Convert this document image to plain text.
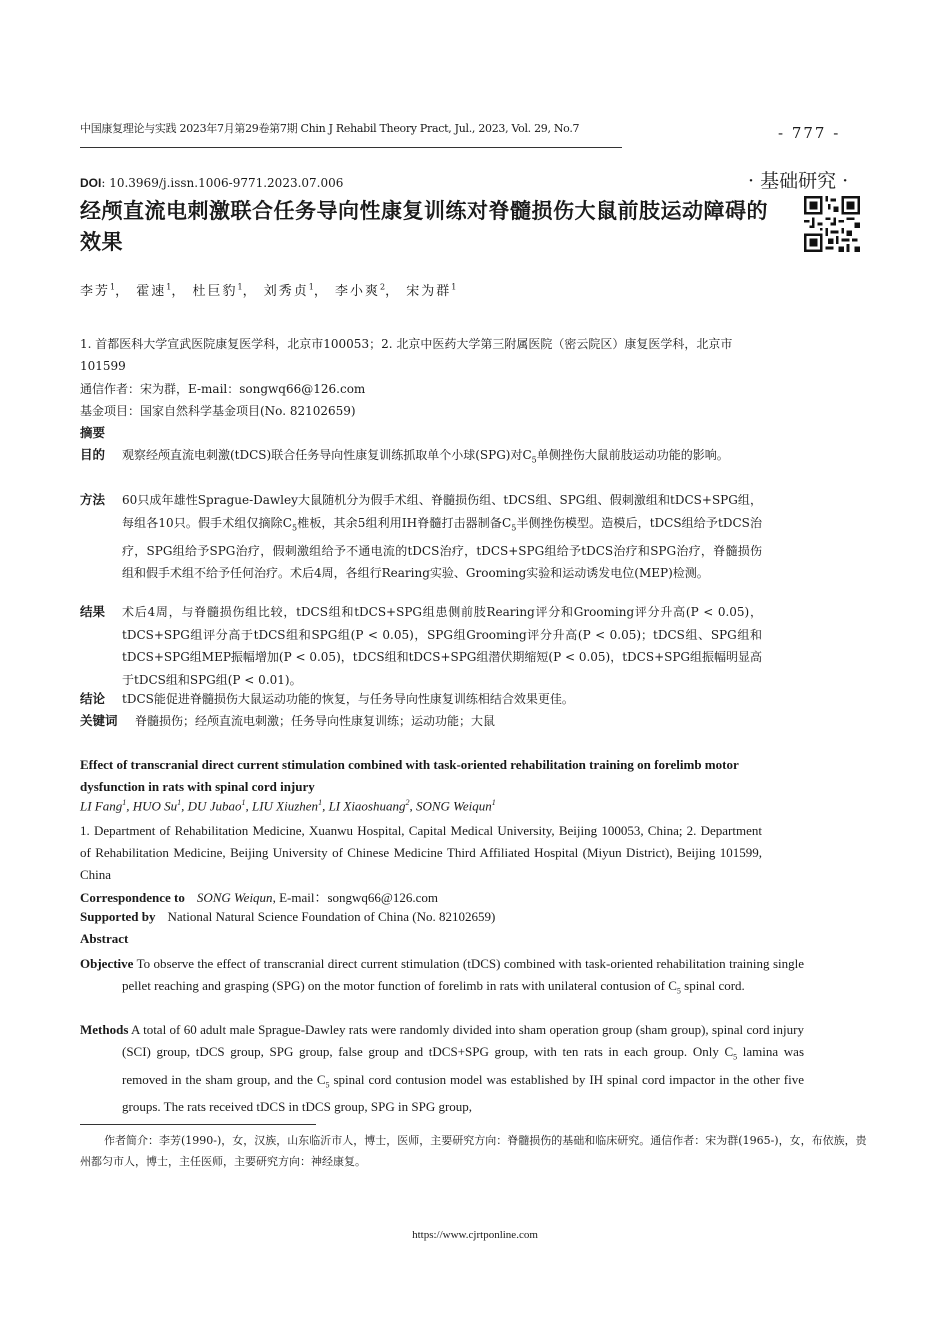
中国康复理论与实践 2023年7月第29卷第7期 Chin J Rehabil Theory Pract, Jul., 2023, Vol. 29, No.7	- 777 -
DOI: 10.3969/j.issn.1006-9771.2023.07.006	· 基础研究 ·
经颅直流电刺激联合任务导向性康复训练对脊髓损伤大鼠前肢运动障碍的效果
李芳$^1$， 霍速$^1$， 杜巨豹$^1$， 刘秀贞$^1$， 李小爽$^2$， 宋为群$^1$
1. 首都医科大学宣武医院康复医学科，北京市100053；2. 北京中医药大学第三附属医院（密云院区）康复医学科，北京市101599
通信作者：宋为群，E-mail：songwq66@126.com
基金项目：国家自然科学基金项目(No. 82102659)
摘要
目的 观察经颅直流电刺激(tDCS)联合任务导向性康复训练抓取单个小球(SPG)对$C_5$单侧挫伤大鼠前肢运动功能的影响。
方法 60只成年雄性Sprague-Dawley大鼠随机分为假手术组、脊髓损伤组、tDCS组、SPG组、假刺激组和tDCS+SPG组，每组各10只。假手术组仅摘除$C_5$椎板，其余5组利用IH脊髓打击器制备$C_5$半侧挫伤模型。造模后，tDCS组给予tDCS治疗，SPG组给予SPG治疗，假刺激组给予不通电流的tDCS治疗，tDCS+SPG组给予tDCS治疗和SPG治疗，脊髓损伤组和假手术组不给予任何治疗。术后4周，各组行Rearing实验、Grooming实验和运动诱发电位(MEP)检测。
结果 术后4周，与脊髓损伤组比较，tDCS组和tDCS+SPG组患侧前肢Rearing评分和Grooming评分升高(P < 0.05)，tDCS+SPG组评分高于tDCS组和SPG组(P < 0.05)，SPG组Grooming评分升高(P < 0.05)；tDCS组、SPG组和tDCS+SPG组MEP振幅增加(P < 0.05)，tDCS组和tDCS+SPG组潜伏期缩短(P < 0.05)，tDCS+SPG组振幅明显高于tDCS组和SPG组(P < 0.01)。
结论 tDCS能促进脊髓损伤大鼠运动功能的恢复，与任务导向性康复训练相结合效果更佳。
关键词 脊髓损伤；经颅直流电刺激；任务导向性康复训练；运动功能；大鼠
Effect of transcranial direct current stimulation combined with task-oriented rehabilitation training on forelimb motor dysfunction in rats with spinal cord injury
LI Fang$^1$, HUO Su$^1$, DU Jubao$^1$, LIU Xiuzhen$^1$, LI Xiaoshuang$^2$, SONG Weiqun$^1$
1. Department of Rehabilitation Medicine, Xuanwu Hospital, Capital Medical University, Beijing 100053, China; 2. Department of Rehabilitation Medicine, Beijing University of Chinese Medicine Third Affiliated Hospital (Miyun District), Beijing 101599, China
Correspondence to SONG Weiqun, E-mail：songwq66@126.com
Supported by National Natural Science Foundation of China (No. 82102659)
Abstract
Objective To observe the effect of transcranial direct current stimulation (tDCS) combined with task-oriented rehabilitation training single pellet reaching and grasping (SPG) on the motor function of forelimb in rats with unilateral contusion of $C_5$ spinal cord.
Methods A total of 60 adult male Sprague-Dawley rats were randomly divided into sham operation group (sham group), spinal cord injury (SCI) group, tDCS group, SPG group, false group and tDCS+SPG group, with ten rats in each group. Only $C_5$ lamina was removed in the sham group, and the $C_5$ spinal cord contusion model was established by IH spinal cord impactor in the other five groups. The rats received tDCS in tDCS group, SPG in SPG group,
作者简介：李芳(1990-)，女，汉族，山东临沂市人，博士，医师，主要研究方向：脊髓损伤的基础和临床研究。通信作者：宋为群(1965-)，女，布依族，贵州都匀市人，博士，主任医师，主要研究方向：神经康复。
https://www.cjrtponline.com
